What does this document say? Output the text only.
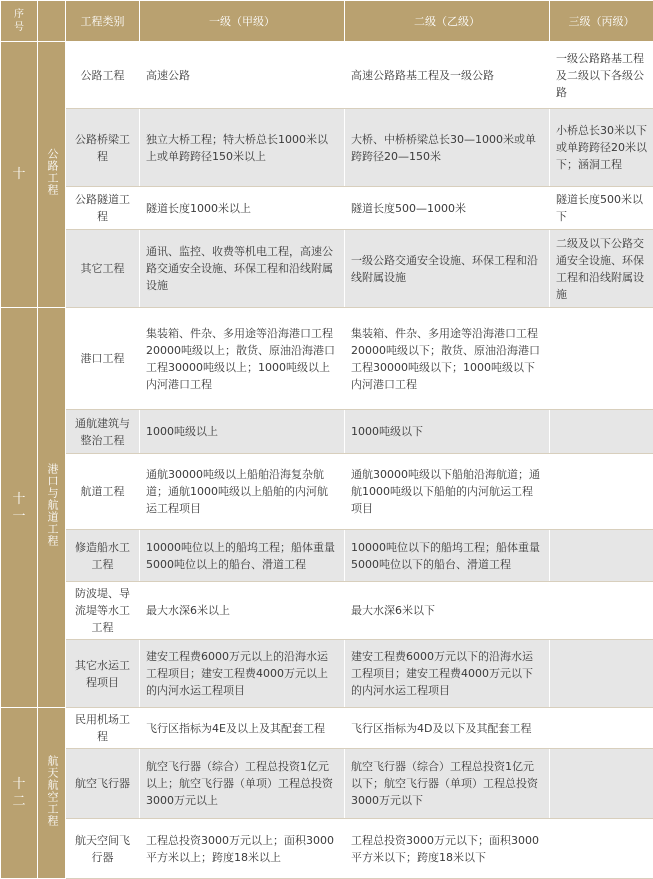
序号		工程类别	一级（甲级）	二级（乙级）	三级（丙级）
十	公路工程	公路工程	高速公路	高速公路路基工程及一级公路	一级公路路基工程及二级以下各级公路
		公路桥梁工程	独立大桥工程；特大桥总长1000米以上或单跨跨径150米以上	大桥、中桥桥梁总长30—1000米或单跨跨径20—150米	小桥总长30米以下或单跨跨径20米以下；涵洞工程
		公路隧道工程	隧道长度1000米以上	隧道长度500—1000米	隧道长度500米以下
		其它工程	通讯、监控、收费等机电工程，高速公路交通安全设施、环保工程和沿线附属设施	一级公路交通安全设施、环保工程和沿线附属设施	二级及以下公路交通安全设施、环保工程和沿线附属设施
十一	港口与航道工程	港口工程	集装箱、件杂、多用途等沿海港口工程20000吨级以上；散货、原油沿海港口工程30000吨级以上；1000吨级以上内河港口工程	集装箱、件杂、多用途等沿海港口工程20000吨级以下；散货、原油沿海港口工程30000吨级以下；1000吨级以下内河港口工程	
		通航建筑与整治工程	1000吨级以上	1000吨级以下	
		航道工程	通航30000吨级以上船舶沿海复杂航道；通航1000吨级以上船舶的内河航运工程项目	通航30000吨级以下船舶沿海航道；通航1000吨级以下船舶的内河航运工程项目	
		修造船水工工程	10000吨位以上的船坞工程；船体重量5000吨位以上的船台、滑道工程	10000吨位以下的船坞工程；船体重量5000吨位以下的船台、滑道工程	
		防波堤、导流堤等水工工程	最大水深6米以上	最大水深6米以下	
		其它水运工程项目	建安工程费6000万元以上的沿海水运工程项目；建安工程费4000万元以上的内河水运工程项目	建安工程费6000万元以下的沿海水运工程项目；建安工程费4000万元以下的内河水运工程项目	
十二	航天航空工程	民用机场工程	飞行区指标为4E及以上及其配套工程	飞行区指标为4D及以下及其配套工程	
		航空飞行器	航空飞行器（综合）工程总投资1亿元以上；航空飞行器（单项）工程总投资3000万元以上	航空飞行器（综合）工程总投资1亿元以下；航空飞行器（单项）工程总投资3000万元以下	
		航天空间飞行器	工程总投资3000万元以上；面积3000平方米以上；跨度18米以上	工程总投资3000万元以下；面积3000平方米以下；跨度18米以下	
